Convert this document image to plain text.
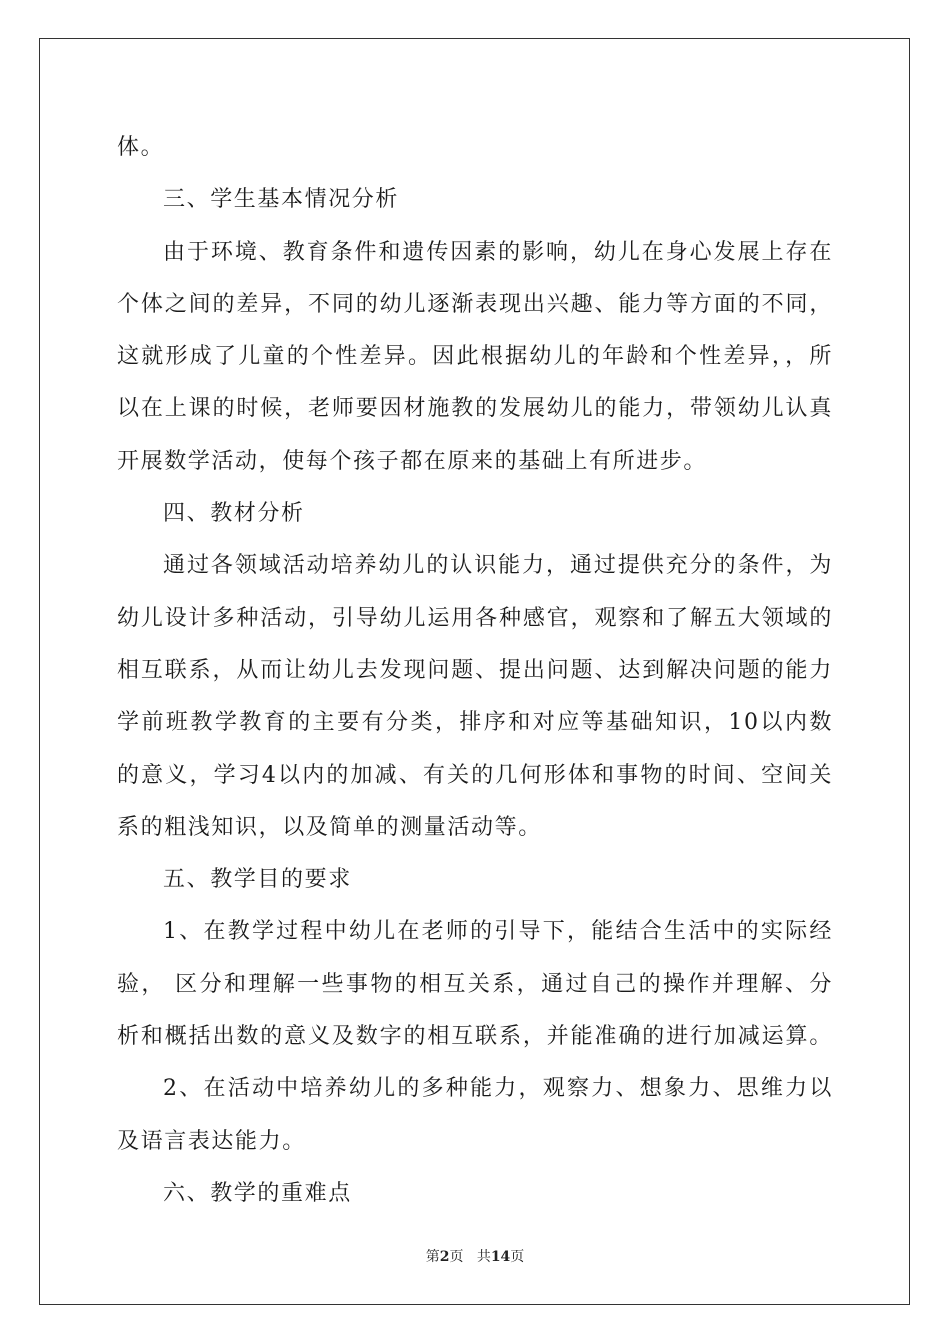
体。
三、学生基本情况分析
由于环境、教育条件和遗传因素的影响，幼儿在身心发展上存在
个体之间的差异，不同的幼儿逐渐表现出兴趣、能力等方面的不同，
这就形成了儿童的个性差异。因此根据幼儿的年龄和个性差异，，所
以在上课的时候，老师要因材施教的发展幼儿的能力，带领幼儿认真
开展数学活动，使每个孩子都在原来的基础上有所进步。
四、教材分析
通过各领域活动培养幼儿的认识能力，通过提供充分的条件，为
幼儿设计多种活动，引导幼儿运用各种感官，观察和了解五大领域的
相互联系，从而让幼儿去发现问题、提出问题、达到解决问题的能力
学前班教学教育的主要有分类，排序和对应等基础知识，10以内数
的意义，学习4以内的加减、有关的几何形体和事物的时间、空间关
系的粗浅知识，以及简单的测量活动等。
五、教学目的要求
1、在教学过程中幼儿在老师的引导下，能结合生活中的实际经
验， 区分和理解一些事物的相互关系，通过自己的操作并理解、分
析和概括出数的意义及数字的相互联系，并能准确的进行加减运算。
2、在活动中培养幼儿的多种能力，观察力、想象力、思维力以
及语言表达能力。
六、教学的重难点
第2页 共14页
